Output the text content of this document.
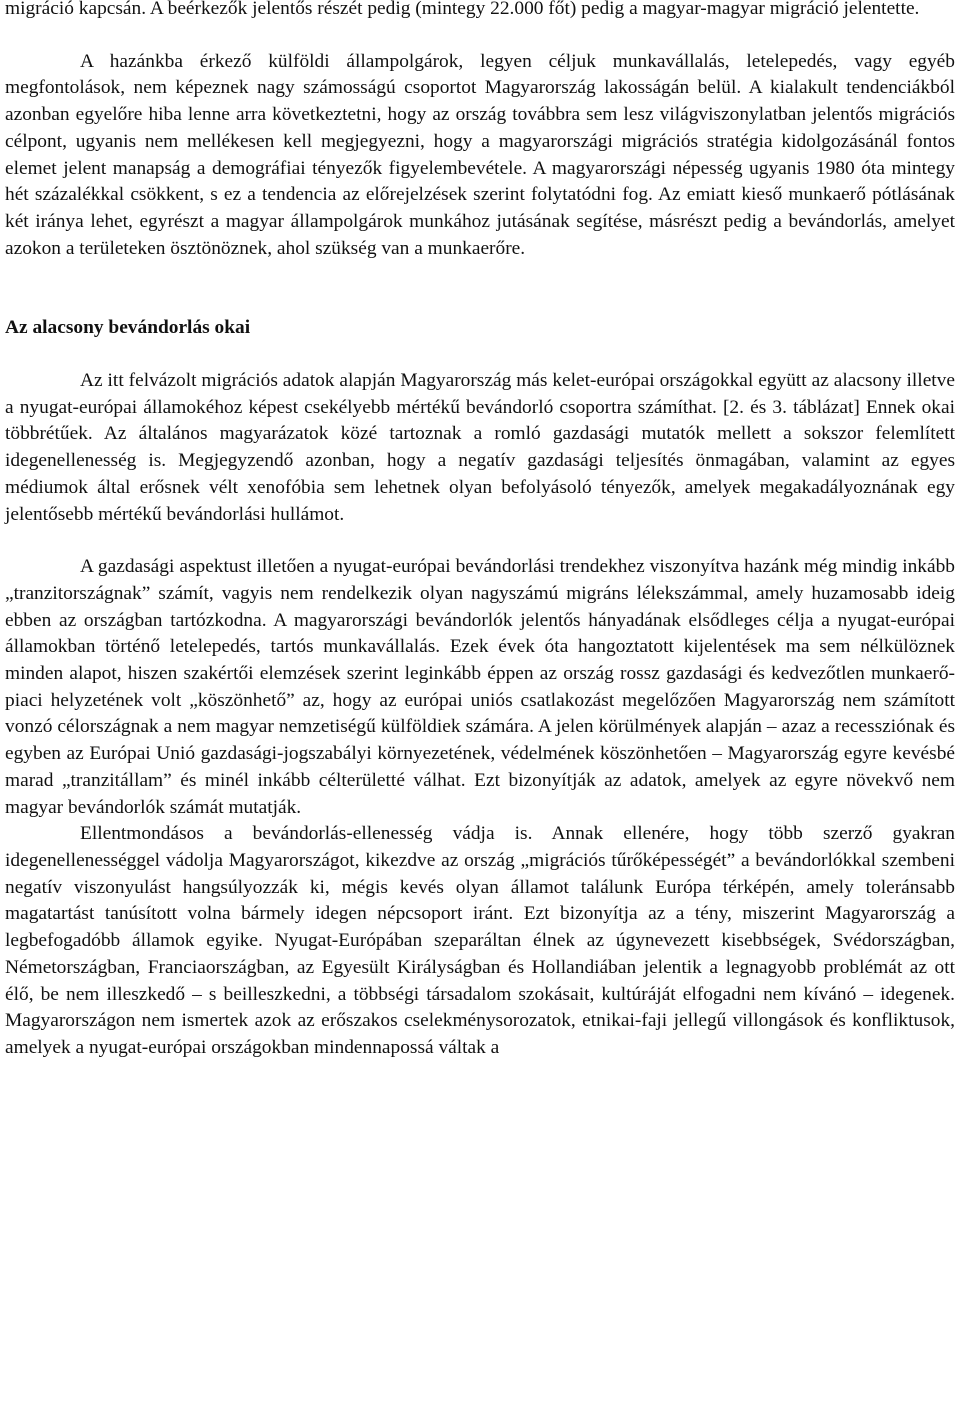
migráció kapcsán. A beérkezők jelentős részét pedig (mintegy 22.000 főt) pedig a magyar-magyar migráció jelentette.

A hazánkba érkező külföldi állampolgárok, legyen céljuk munkavállalás, letelepedés, vagy egyéb megfontolások, nem képeznek nagy számosságú csoportot Magyarország lakosságán belül. A kialakult tendenciákból azonban egyelőre hiba lenne arra következtetni, hogy az ország továbbra sem lesz világviszonylatban jelentős migrációs célpont, ugyanis nem mellékesen kell megjegyezni, hogy a magyarországi migrációs stratégia kidolgozásánál fontos elemet jelent manapság a demográfiai tényezők figyelembevétele. A magyarországi népesség ugyanis 1980 óta mintegy hét százalékkal csökkent, s ez a tendencia az előrejelzések szerint folytatódni fog. Az emiatt kieső munkaerő pótlásának két iránya lehet, egyrészt a magyar állampolgárok munkához jutásának segítése, másrészt pedig a bevándorlás, amelyet azokon a területeken ösztönöznek, ahol szükség van a munkaerőre.

Az alacsony bevándorlás okai

Az itt felvázolt migrációs adatok alapján Magyarország más kelet-európai országokkal együtt az alacsony illetve a nyugat-európai államokéhoz képest csekélyebb mértékű bevándorló csoportra számíthat. [2. és 3. táblázat] Ennek okai többrétűek. Az általános magyarázatok közé tartoznak a romló gazdasági mutatók mellett a sokszor felemlített idegenellenesség is. Megjegyzendő azonban, hogy a negatív gazdasági teljesítés önmagában, valamint az egyes médiumok által erősnek vélt xenofóbia sem lehetnek olyan befolyásoló tényezők, amelyek megakadályoznának egy jelentősebb mértékű bevándorlási hullámot.

A gazdasági aspektust illetően a nyugat-európai bevándorlási trendekhez viszonyítva hazánk még mindig inkább „tranzitországnak” számít, vagyis nem rendelkezik olyan nagyszámú migráns lélekszámmal, amely huzamosabb ideig ebben az országban tartózkodna. A magyarországi bevándorlók jelentős hányadának elsődleges célja a nyugat-európai államokban történő letelepedés, tartós munkavállalás. Ezek évek óta hangoztatott kijelentések ma sem nélkülöznek minden alapot, hiszen szakértői elemzések szerint leginkább éppen az ország rossz gazdasági és kedvezőtlen munkaerő-piaci helyzetének volt „köszönhető” az, hogy az európai uniós csatlakozást megelőzően Magyarország nem számított vonzó célországnak a nem magyar nemzetiségű külföldiek számára. A jelen körülmények alapján – azaz a recessziónak és egyben az Európai Unió gazdasági-jogszabályi környezetének, védelmének köszönhetően – Magyarország egyre kevésbé marad „tranzitállam” és minél inkább célterületté válhat. Ezt bizonyítják az adatok, amelyek az egyre növekvő nem magyar bevándorlók számát mutatják.

Ellentmondásos a bevándorlás-ellenesség vádja is. Annak ellenére, hogy több szerző gyakran idegenellenességgel vádolja Magyarországot, kikezdve az ország „migrációs tűrőképességét” a bevándorlókkal szembeni negatív viszonyulást hangsúlyozzák ki, mégis kevés olyan államot találunk Európa térképén, amely toleránsabb magatartást tanúsított volna bármely idegen népcsoport iránt. Ezt bizonyítja az a tény, miszerint Magyarország a legbefogadóbb államok egyike. Nyugat-Európában szeparáltan élnek az úgynevezett kisebbségek, Svédországban, Németországban, Franciaországban, az Egyesült Királyságban és Hollandiában jelentik a legnagyobb problémát az ott élő, be nem illeszkedő – s beilleszkedni, a többségi társadalom szokásait, kultúráját elfogadni nem kívánó – idegenek. Magyarországon nem ismertek azok az erőszakos cselekménysorozatok, etnikai-faji jellegű villongások és konfliktusok, amelyek a nyugat-európai országokban mindennapossá váltak a
